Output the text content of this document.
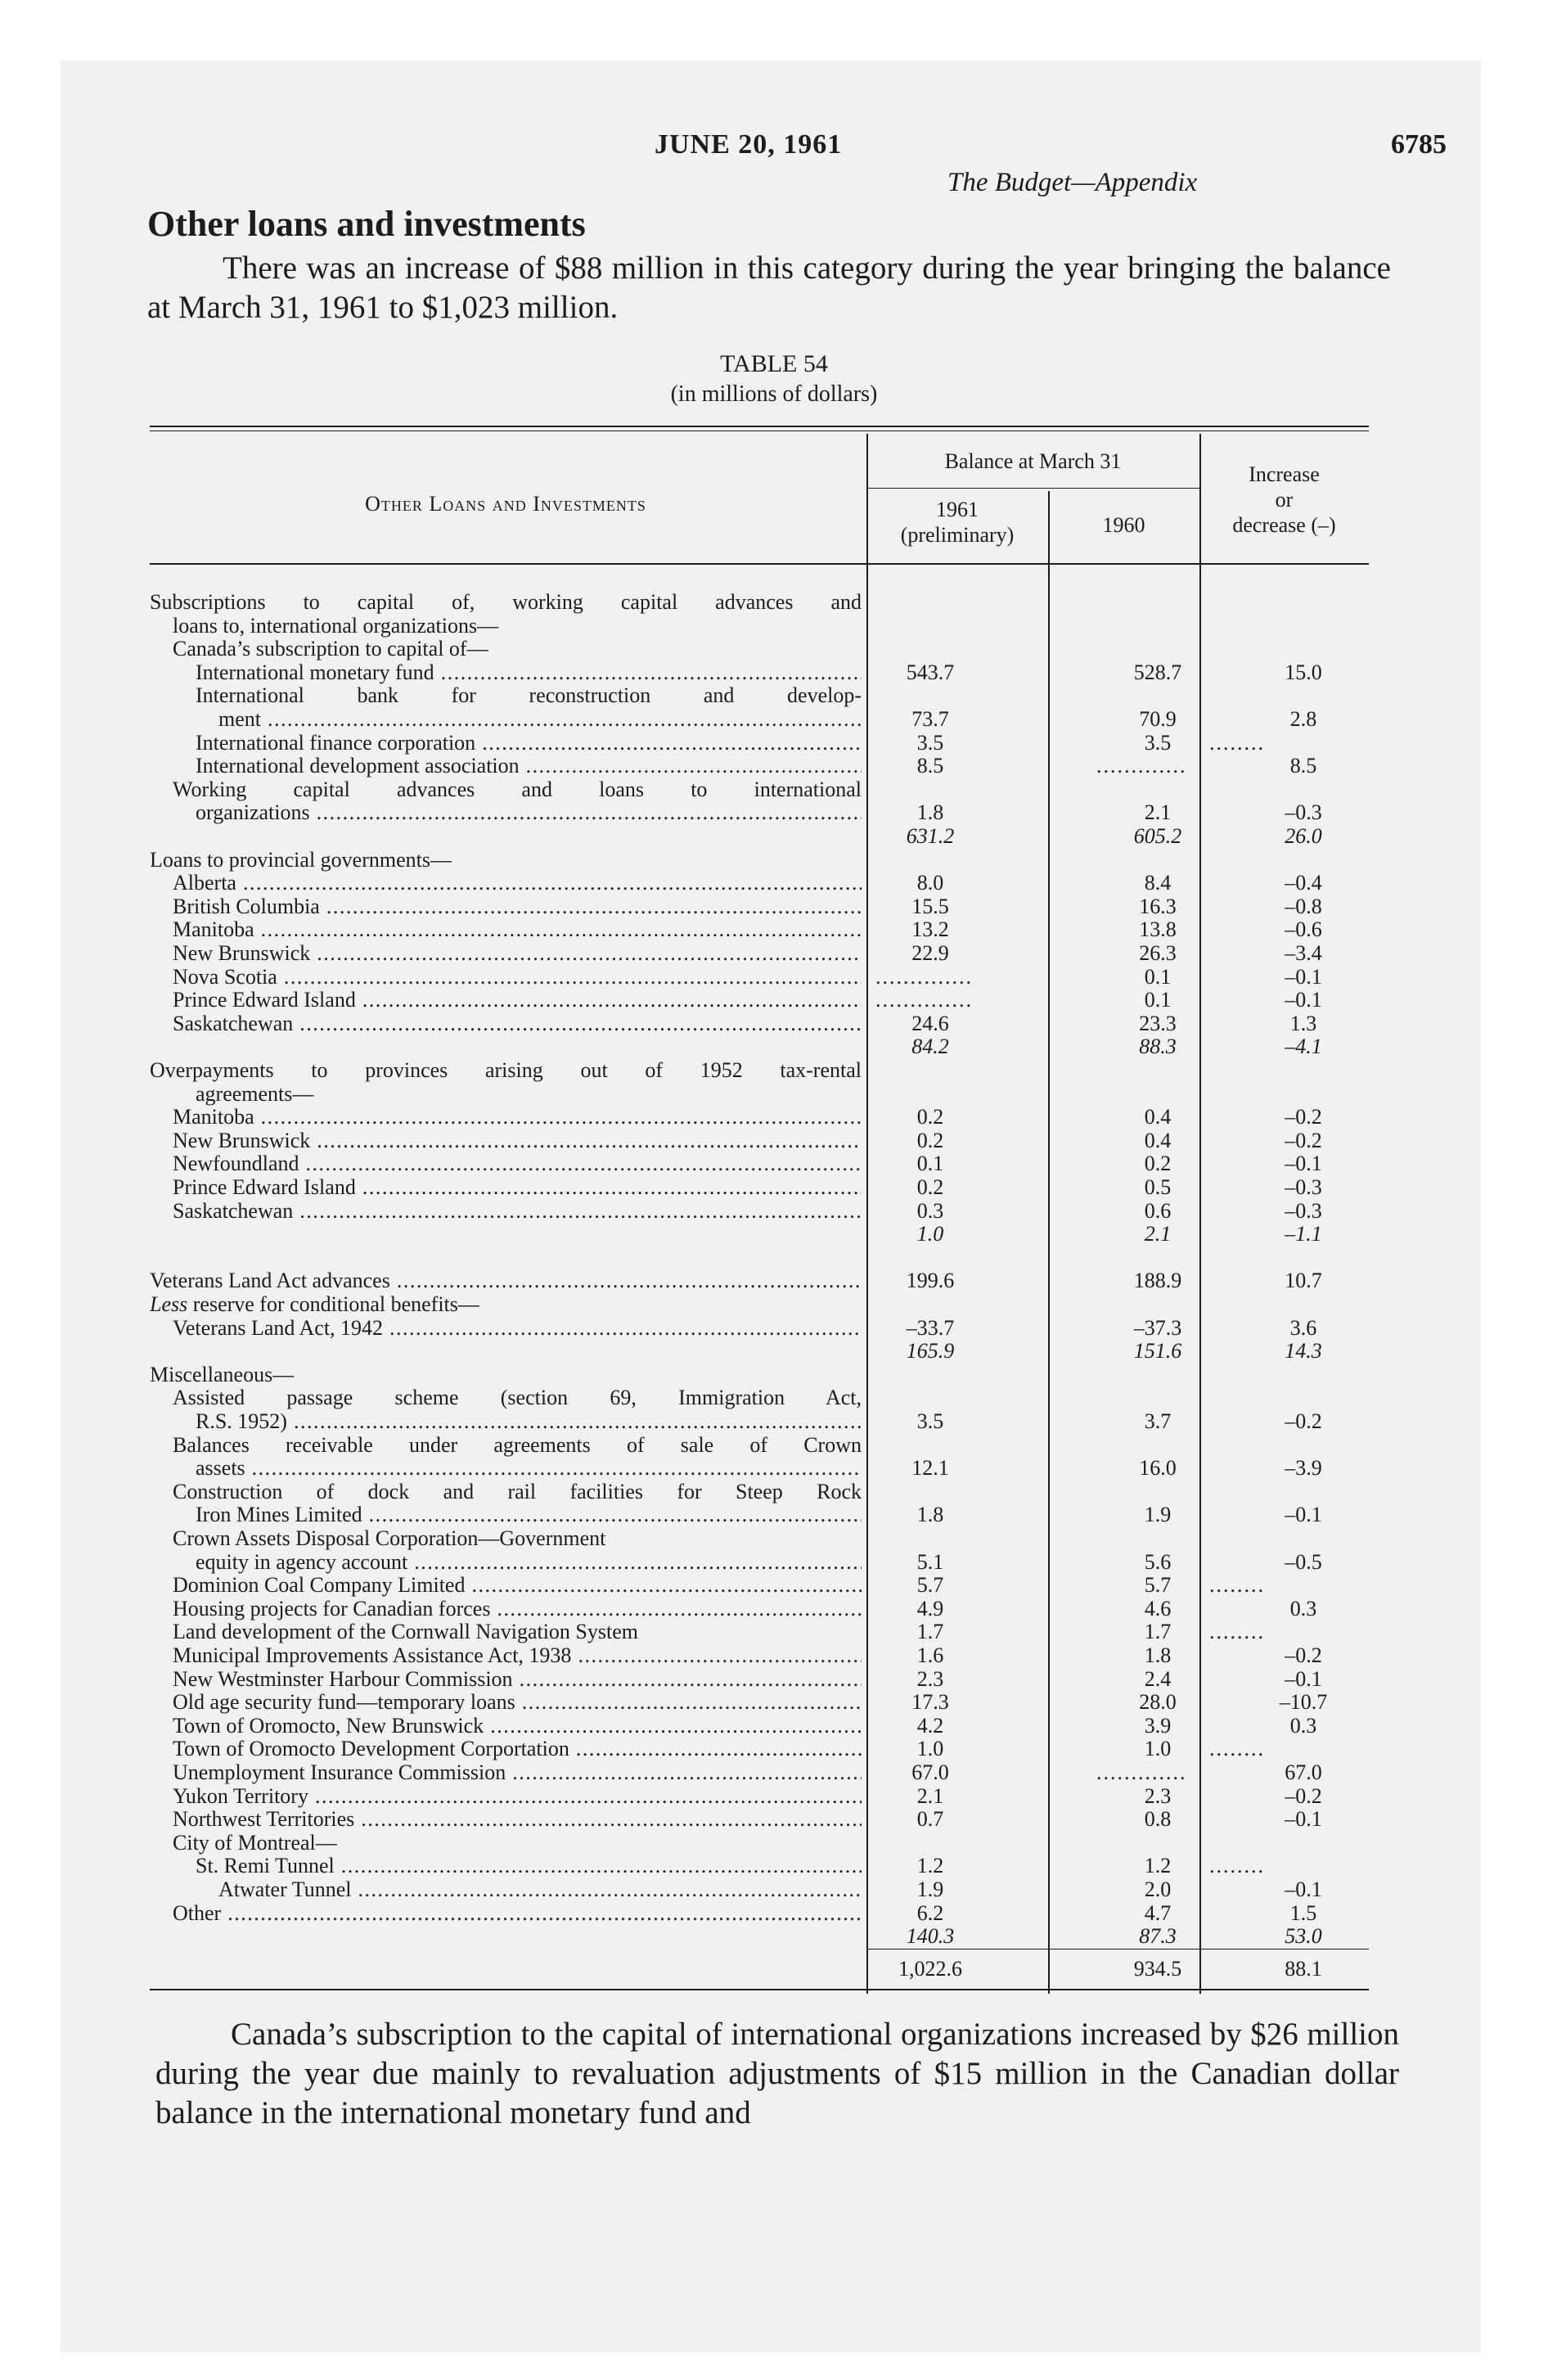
JUNE 20, 1961	6785
The Budget—Appendix
Other loans and investments
There was an increase of $88 million in this category during the year bringing the balance at March 31, 1961 to $1,023 million.
TABLE 54
(in millions of dollars)
Other Loans and Investments
Balance at March 31
1961
(preliminary)	1960
Increase
or
decrease (–)
Subscriptions to capital of, working capital advances and
loans to, international organizations—
Canada’s subscription to capital of—
International monetary fund .....	543.7	528.7	15.0
International bank for reconstruction and develop-
ment .....	73.7	70.9	2.8
International finance corporation .....	3.5	3.5	........
International development association .....	8.5	.............	8.5
Working capital advances and loans to international
organizations .....	1.8	2.1	–0.3
631.2	605.2	26.0
Loans to provincial governments—
Alberta .....	8.0	8.4	–0.4
British Columbia .....	15.5	16.3	–0.8
Manitoba .....	13.2	13.8	–0.6
New Brunswick .....	22.9	26.3	–3.4
Nova Scotia .....	..............	0.1	–0.1
Prince Edward Island .....	..............	0.1	–0.1
Saskatchewan .....	24.6	23.3	1.3
84.2	88.3	–4.1
Overpayments to provinces arising out of 1952 tax-rental
agreements—
Manitoba .....	0.2	0.4	–0.2
New Brunswick .....	0.2	0.4	–0.2
Newfoundland .....	0.1	0.2	–0.1
Prince Edward Island .....	0.2	0.5	–0.3
Saskatchewan .....	0.3	0.6	–0.3
1.0	2.1	–1.1
Veterans Land Act advances .....	199.6	188.9	10.7
Less reserve for conditional benefits—
Veterans Land Act, 1942 .....	–33.7	–37.3	3.6
165.9	151.6	14.3
Miscellaneous—
Assisted passage scheme (section 69, Immigration Act,
R.S. 1952) .....	3.5	3.7	–0.2
Balances receivable under agreements of sale of Crown
assets .....	12.1	16.0	–3.9
Construction of dock and rail facilities for Steep Rock
Iron Mines Limited .....	1.8	1.9	–0.1
Crown Assets Disposal Corporation—Government
equity in agency account .....	5.1	5.6	–0.5
Dominion Coal Company Limited .....	5.7	5.7	........
Housing projects for Canadian forces .....	4.9	4.6	0.3
Land development of the Cornwall Navigation System	1.7	1.7	........
Municipal Improvements Assistance Act, 1938 .....	1.6	1.8	–0.2
New Westminster Harbour Commission .....	2.3	2.4	–0.1
Old age security fund—temporary loans .....	17.3	28.0	–10.7
Town of Oromocto, New Brunswick .....	4.2	3.9	0.3
Town of Oromocto Development Corportation .....	1.0	1.0	........
Unemployment Insurance Commission .....	67.0	.............	67.0
Yukon Territory .....	2.1	2.3	–0.2
Northwest Territories .....	0.7	0.8	–0.1
City of Montreal—
St. Remi Tunnel .....	1.2	1.2	........
Atwater Tunnel .....	1.9	2.0	–0.1
Other .....	6.2	4.7	1.5
140.3	87.3	53.0
1,022.6	934.5	88.1
Canada’s subscription to the capital of international organizations increased by $26 million during the year due mainly to revaluation adjustments of $15 million in the Canadian dollar balance in the international monetary fund and
